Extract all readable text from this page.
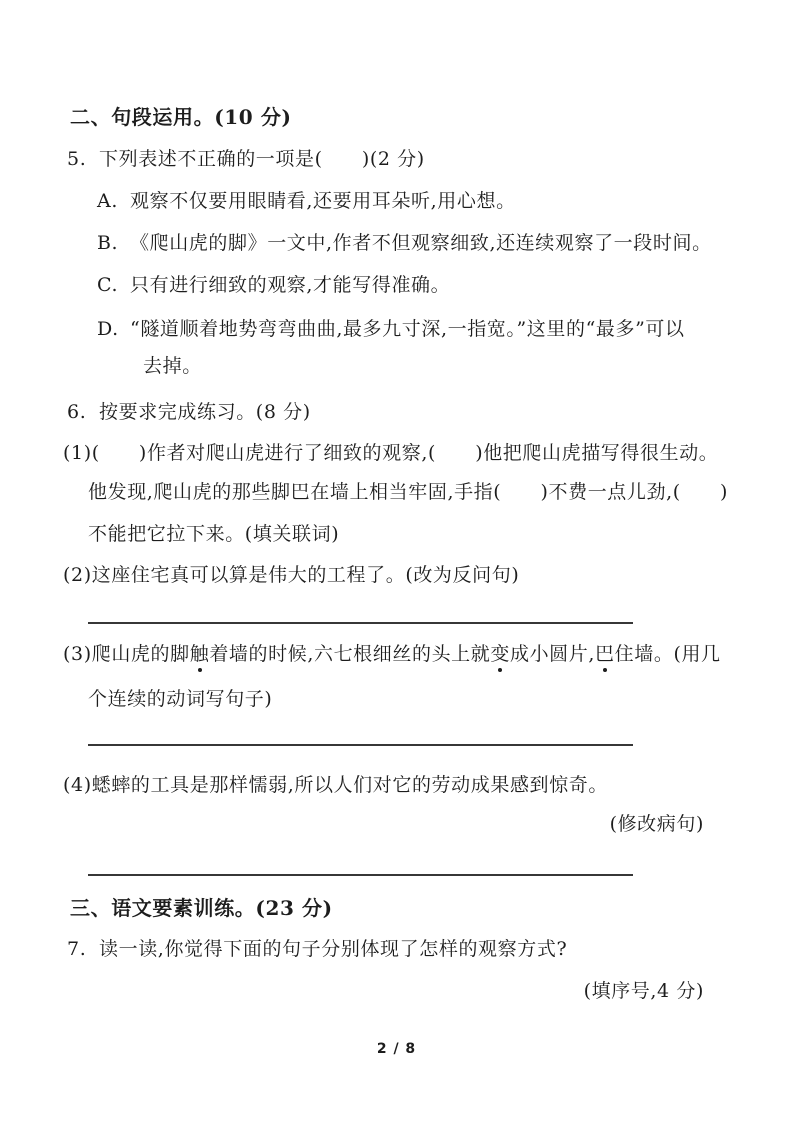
二、句段运用。(10 分)
5. 下列表述不正确的一项是(　　)(2 分)
A. 观察不仅要用眼睛看,还要用耳朵听,用心想。
B. 《爬山虎的脚》一文中,作者不但观察细致,还连续观察了一段时间。
C. 只有进行细致的观察,才能写得准确。
D. “隧道顺着地势弯弯曲曲,最多九寸深,一指宽。”这里的“最多”可以
去掉。
6. 按要求完成练习。(8 分)
(1)(　　)作者对爬山虎进行了细致的观察,(　　)他把爬山虎描写得很生动。
他发现,爬山虎的那些脚巴在墙上相当牢固,手指(　　)不费一点儿劲,(　　)
不能把它拉下来。(填关联词)
(2)这座住宅真可以算是伟大的工程了。(改为反问句)
(3)爬山虎的脚触着墙的时候,六七根细丝的头上就变成小圆片,巴住墙。(用几
个连续的动词写句子)
(4)蟋蟀的工具是那样懦弱,所以人们对它的劳动成果感到惊奇。
(修改病句)
三、语文要素训练。(23 分)
7. 读一读,你觉得下面的句子分别体现了怎样的观察方式?
(填序号,4 分)
2 / 8
